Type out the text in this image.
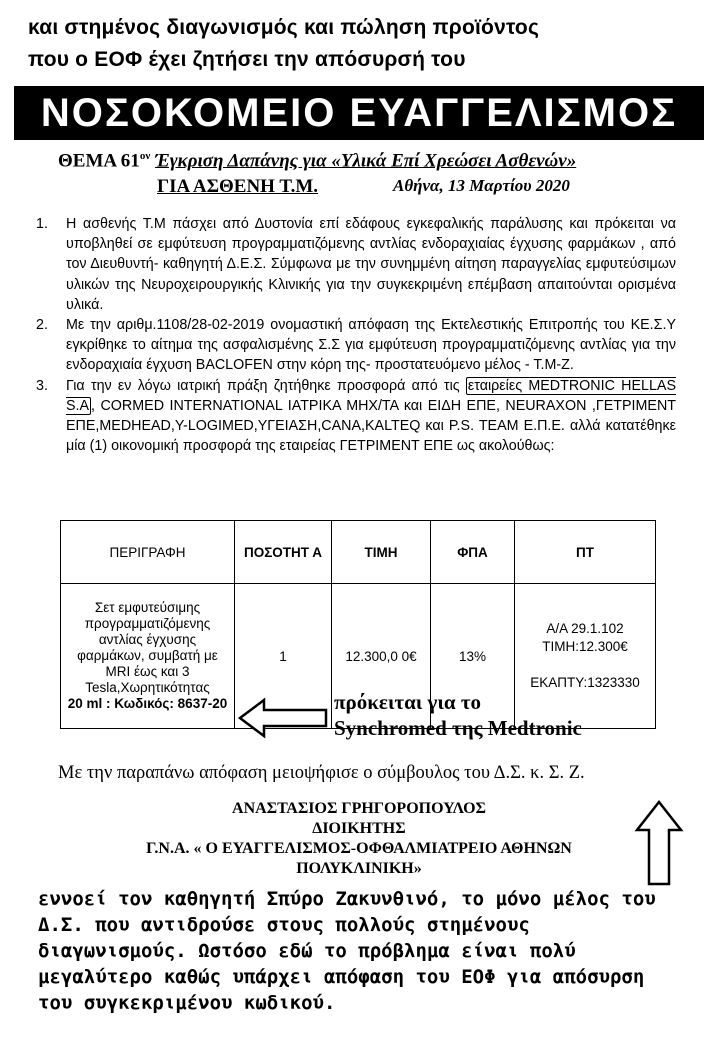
και στημένος διαγωνισμός και πώληση προϊόντος
που ο ΕΟΦ έχει ζητήσει την απόσυρσή του
ΝΟΣΟΚΟΜΕΙΟ ΕΥΑΓΓΕΛΙΣΜΟΣ
ΘΕΜΑ $61^{o\nu}$ Έγκριση Δαπάνης για «Υλικά Επί Χρεώσει Ασθενών»
ΓΙΑ ΑΣΘΕΝΗ Τ.Μ.	Αθήνα, 13 Μαρτίου 2020
1.	Η ασθενής Τ.Μ πάσχει από Δυστονία επί εδάφους εγκεφαλικής παράλυσης και πρόκειται να υποβληθεί σε εμφύτευση προγραμματιζόμενης αντλίας ενδοραχιαίας έγχυσης φαρμάκων , από τον Διευθυντή- καθηγητή Δ.Ε.Σ. Σύμφωνα με την συνημμένη αίτηση παραγγελίας εμφυτεύσιμων υλικών της Νευροχειρουργικής Κλινικής για την συγκεκριμένη επέμβαση απαιτούνται ορισμένα υλικά.
2.	Με την αριθμ.1108/28-02-2019 ονομαστική απόφαση της Εκτελεστικής Επιτροπής του ΚΕ.Σ.Υ εγκρίθηκε το αίτημα της ασφαλισμένης Σ.Σ για εμφύτευση προγραμματιζόμενης αντλίας για την ενδοραχιαία έγχυση BACLOFEN στην κόρη της- προστατευόμενο μέλος - Τ.Μ-Ζ.
3.	Για την εν λόγω ιατρική πράξη ζητήθηκε προσφορά από τις εταιρείες MEDTRONIC HELLAS S.A , CORMED INTERNATIONAL ΙΑΤΡΙΚΑ ΜΗΧ/ΤΑ και ΕΙΔΗ ΕΠΕ, NEURAXON ,ΓΕΤΡΙΜΕΝΤ ΕΠΕ,MEDHEAD,Y-LOGIMED,ΥΓΕΙΑΣΗ,CANA,KALTEQ και P.S. TEAM Ε.Π.Ε. αλλά κατατέθηκε μία (1) οικονομική προσφορά της εταιρείας ΓΕΤΡΙΜΕΝΤ ΕΠΕ ως ακολούθως:
ΠΕΡΙΓΡΑΦΗ	ΠΟΣΟΤΗΤ Α	ΤΙΜΗ	ΦΠΑ	ΠΤ
Σετ εμφυτεύσιμης προγραμματιζόμενης αντλίας έγχυσης φαρμάκων, συμβατή με MRI έως και 3 Tesla,Χωρητικότητας
20 ml : Κωδικός: 8637-20	1	12.300,0 0€	13%	Α/Α 29.1.102
ΤΙΜΗ:12.300€

ΕΚΑΠΤΥ:1323330
πρόκειται για το
Synchromed της Medtronic
Με την παραπάνω απόφαση μειοψήφισε ο σύμβουλος του Δ.Σ. κ. Σ. Ζ.
ΑΝΑΣΤΑΣΙΟΣ ΓΡΗΓΟΡΟΠΟΥΛΟΣ
ΔΙΟΙΚΗΤΗΣ
Γ.Ν.Α. « Ο ΕΥΑΓΓΕΛΙΣΜΟΣ-ΟΦΘΑΛΜΙΑΤΡΕΙΟ ΑΘΗΝΩΝ
ΠΟΛΥΚΛΙΝΙΚΗ»
εννοεί τον καθηγητή Σπύρο Ζακυνθινό, το μόνο μέλος του Δ.Σ. που αντιδρούσε στους πολλούς στημένους διαγωνισμούς. Ωστόσο εδώ το πρόβλημα είναι πολύ μεγαλύτερο καθώς υπάρχει απόφαση του ΕΟΦ για απόσυρση του συγκεκριμένου κωδικού.
